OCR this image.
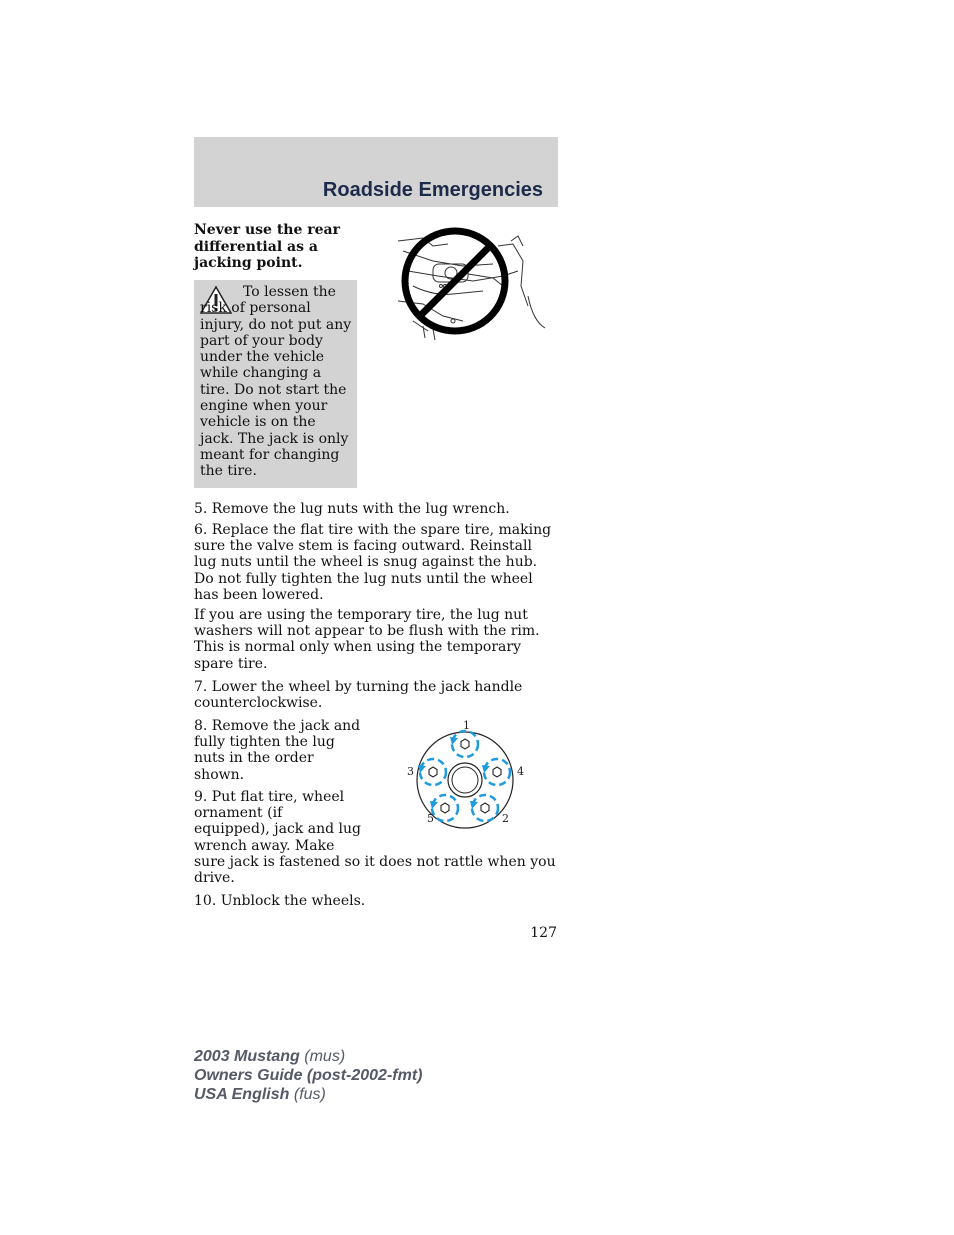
Roadside Emergencies
Never use the rear differential as a jacking point.
To lessen the risk of personal injury, do not put any part of your body under the vehicle while changing a tire. Do not start the engine when your vehicle is on the jack. The jack is only meant for changing the tire.
1
2
3	4
5

5. Remove the lug nuts with the lug wrench.

6. Replace the flat tire with the spare tire, making sure the valve stem is facing outward. Reinstall lug nuts until the wheel is snug against the hub. Do not fully tighten the lug nuts until the wheel has been lowered.

If you are using the temporary tire, the lug nut washers will not appear to be flush with the rim. This is normal only when using the temporary spare tire.

7. Lower the wheel by turning the jack handle counterclockwise.

8. Remove the jack and fully tighten the lug nuts in the order shown.

9. Put flat tire, wheel ornament (if equipped), jack and lug wrench away. Make

sure jack is fastened so it does not rattle when you drive.

10. Unblock the wheels.

127
2003 Mustang (mus)
Owners Guide (post-2002-fmt)
USA English (fus)
